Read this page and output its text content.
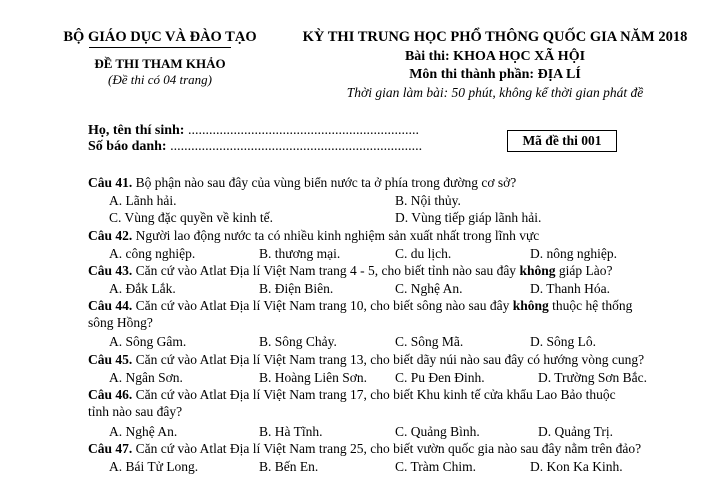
BỘ GIÁO DỤC VÀ ĐÀO TẠO
ĐỀ THI THAM KHẢO
(Đề thi có 04 trang)
KỲ THI TRUNG HỌC PHỔ THÔNG QUỐC GIA NĂM 2018
Bài thi: KHOA HỌC XÃ HỘI
Môn thi thành phần: ĐỊA LÍ
Thời gian làm bài: 50 phút, không kể thời gian phát đề
Họ, tên thí sinh: ..................................................................
Số báo danh: ........................................................................	Mã đề thi 001
Câu 41. Bộ phận nào sau đây của vùng biển nước ta ở phía trong đường cơ sở?
A. Lãnh hải.	B. Nội thủy.
C. Vùng đặc quyền về kinh tế.	D. Vùng tiếp giáp lãnh hải.
Câu 42. Người lao động nước ta có nhiều kinh nghiệm sản xuất nhất trong lĩnh vực
A. công nghiệp.	B. thương mại.	C. du lịch.	D. nông nghiệp.
Câu 43. Căn cứ vào Atlat Địa lí Việt Nam trang 4 - 5, cho biết tỉnh nào sau đây không giáp Lào?
A. Đắk Lắk.	B. Điện Biên.	C. Nghệ An.	D. Thanh Hóa.
Câu 44. Căn cứ vào Atlat Địa lí Việt Nam trang 10, cho biết sông nào sau đây không thuộc hệ thống
sông Hồng?
A. Sông Gâm.	B. Sông Chảy.	C. Sông Mã.	D. Sông Lô.
Câu 45. Căn cứ vào Atlat Địa lí Việt Nam trang 13, cho biết dãy núi nào sau đây có hướng vòng cung?
A. Ngân Sơn.	B. Hoàng Liên Sơn. C. Pu Đen Đinh.	D. Trường Sơn Bắc.
Câu 46. Căn cứ vào Atlat Địa lí Việt Nam trang 17, cho biết Khu kinh tế cửa khẩu Lao Bảo thuộc
tỉnh nào sau đây?
A. Nghệ An.	B. Hà Tĩnh.	C. Quảng Bình.	D. Quảng Trị.
Câu 47. Căn cứ vào Atlat Địa lí Việt Nam trang 25, cho biết vườn quốc gia nào sau đây nằm trên đảo?
A. Bái Tử Long.	B. Bến En.	C. Tràm Chim.	D. Kon Ka Kinh.
